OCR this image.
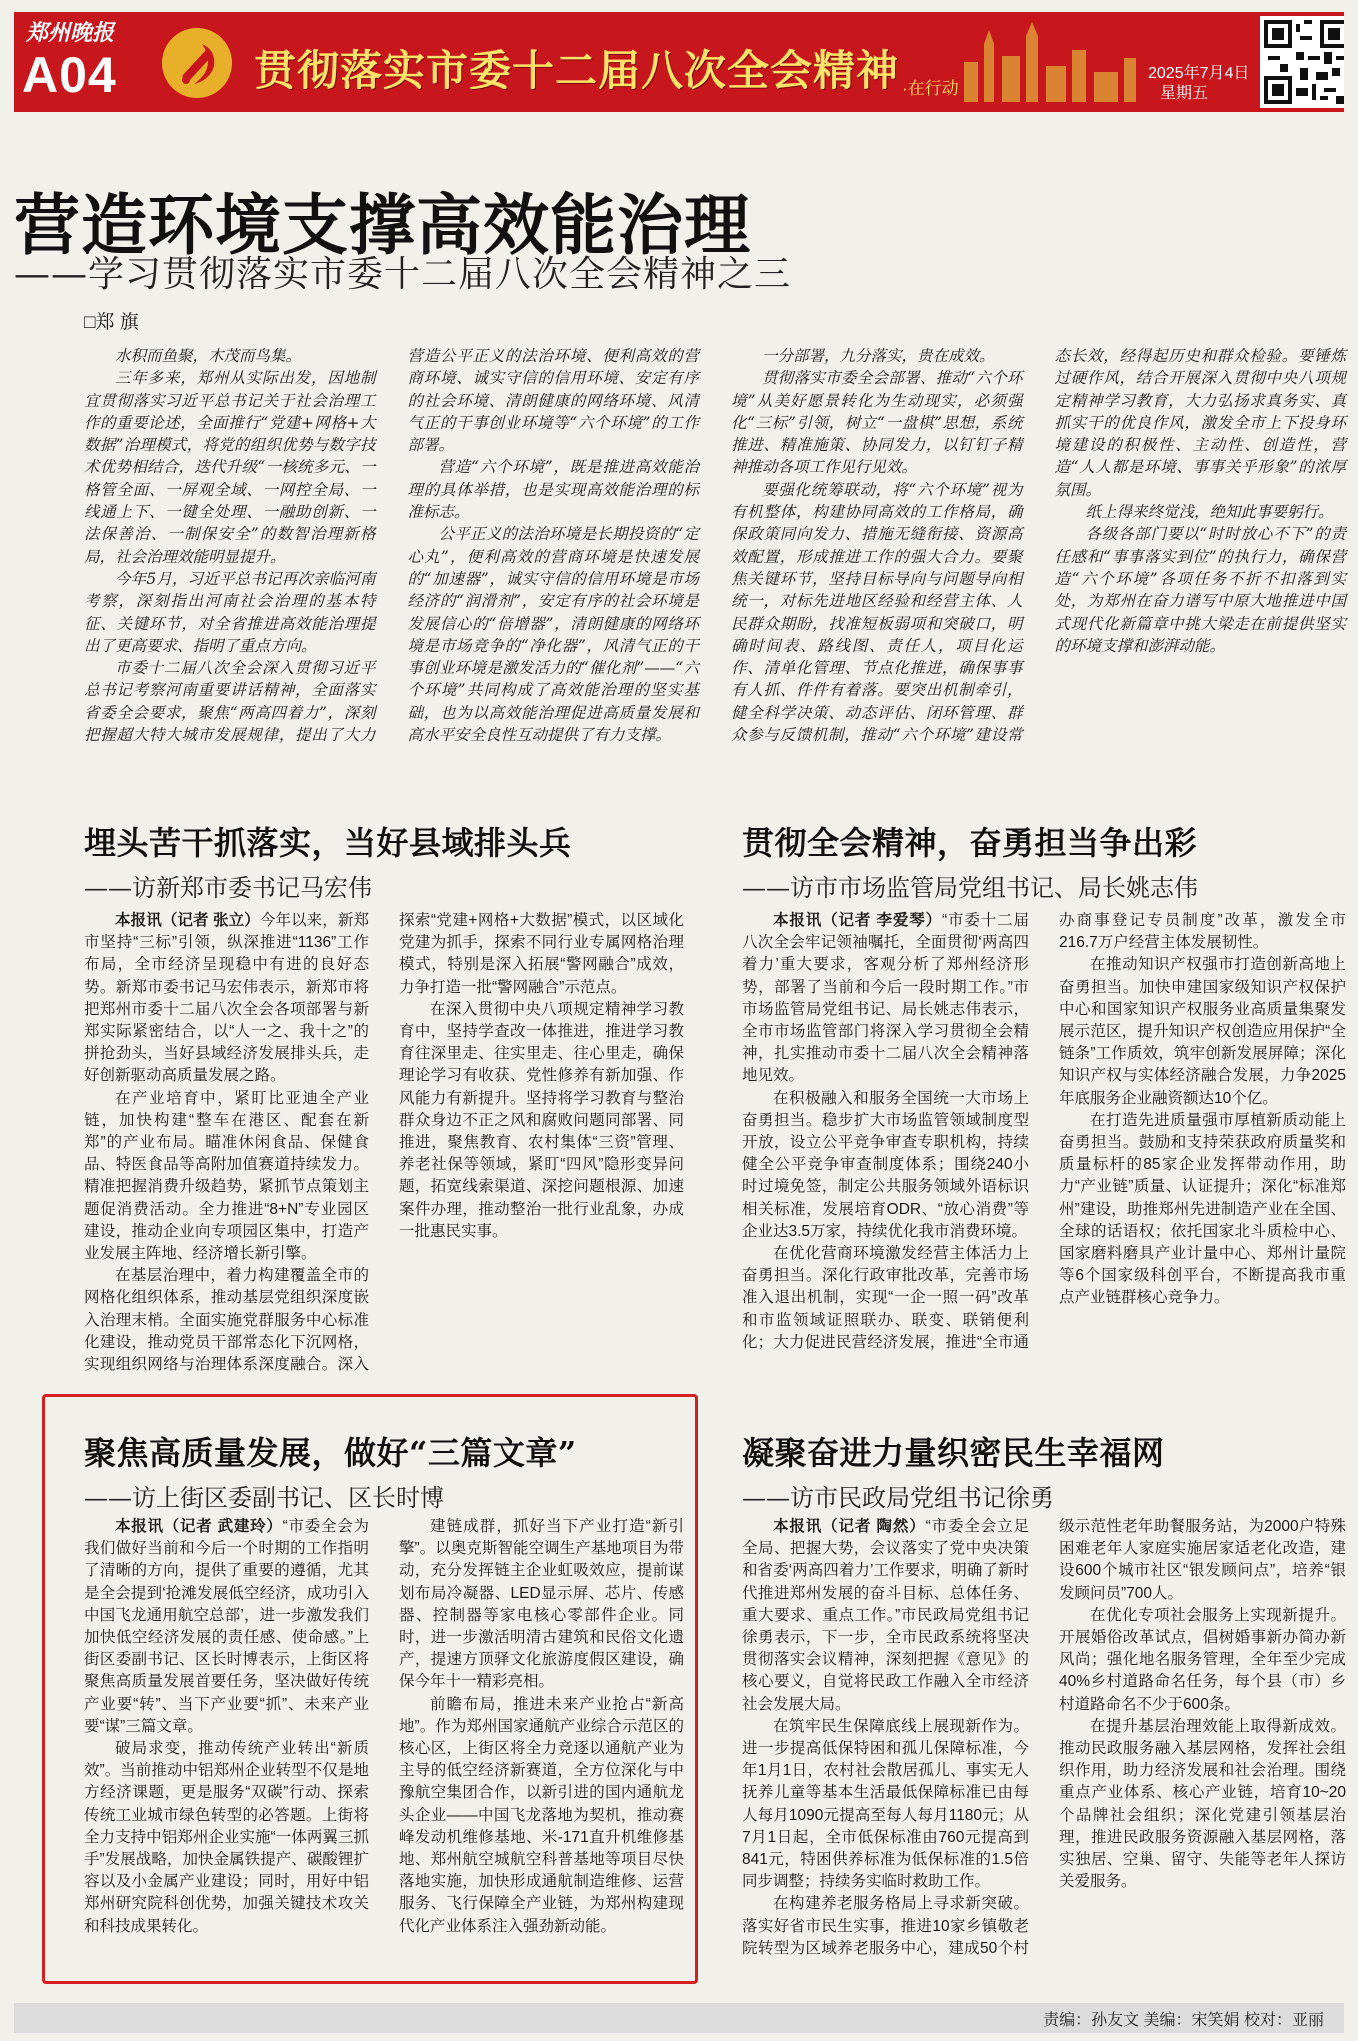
郑州晚报
A04	贯彻落实市委十二届八次全会精神 ·在行动
2025年7月4日
星期五
营造环境支撑高效能治理
——学习贯彻落实市委十二届八次全会精神之三
□郑 旗

水积而鱼聚，木茂而鸟集。

三年多来，郑州从实际出发，因地制宜贯彻落实习近平总书记关于社会治理工作的重要论述，全面推行“党建+网格+大数据”治理模式，将党的组织优势与数字技术优势相结合，迭代升级“一核统多元、一格管全面、一屏观全域、一网控全局、一线通上下、一键全处理、一融助创新、一法保善治、一制保安全”的数智治理新格局，社会治理效能明显提升。

今年5月，习近平总书记再次亲临河南考察，深刻指出河南社会治理的基本特征、关键环节，对全省推进高效能治理提出了更高要求、指明了重点方向。

市委十二届八次全会深入贯彻习近平总书记考察河南重要讲话精神，全面落实省委全会要求，聚焦“两高四着力”，深刻把握超大特大城市发展规律，提出了大力营造公平正义的法治环境、便利高效的营商环境、诚实守信的信用环境、安定有序的社会环境、清朗健康的网络环境、风清气正的干事创业环境等“六个环境”的工作部署。

营造“六个环境”，既是推进高效能治理的具体举措，也是实现高效能治理的标准标志。

公平正义的法治环境是长期投资的“定心丸”，便利高效的营商环境是快速发展的“加速器”，诚实守信的信用环境是市场经济的“润滑剂”，安定有序的社会环境是发展信心的“倍增器”，清朗健康的网络环境是市场竞争的“净化器”，风清气正的干事创业环境是激发活力的“催化剂”——“六个环境”共同构成了高效能治理的坚实基础，也为以高效能治理促进高质量发展和高水平安全良性互动提供了有力支撑。

一分部署，九分落实，贵在成效。

贯彻落实市委全会部署、推动“六个环境”从美好愿景转化为生动现实，必须强化“三标”引领，树立“一盘棋”思想，系统推进、精准施策、协同发力，以钉钉子精神推动各项工作见行见效。

要强化统筹联动，将“六个环境”视为有机整体，构建协同高效的工作格局，确保政策同向发力、措施无缝衔接、资源高效配置，形成推进工作的强大合力。要聚焦关键环节，坚持目标导向与问题导向相统一，对标先进地区经验和经营主体、人民群众期盼，找准短板弱项和突破口，明确时间表、路线图、责任人，项目化运作、清单化管理、节点化推进，确保事事有人抓、件件有着落。要突出机制牵引，健全科学决策、动态评估、闭环管理、群众参与反馈机制，推动“六个环境”建设常态长效，经得起历史和群众检验。要锤炼过硬作风，结合开展深入贯彻中央八项规定精神学习教育，大力弘扬求真务实、真抓实干的优良作风，激发全市上下投身环境建设的积极性、主动性、创造性，营造“人人都是环境、事事关乎形象”的浓厚氛围。

纸上得来终觉浅，绝知此事要躬行。

各级各部门要以“时时放心不下”的责任感和“事事落实到位”的执行力，确保营造“六个环境”各项任务不折不扣落到实处，为郑州在奋力谱写中原大地推进中国式现代化新篇章中挑大梁走在前提供坚实的环境支撑和澎湃动能。

埋头苦干抓落实，当好县域排头兵
——访新郑市委书记马宏伟

本报讯（记者 张立）今年以来，新郑市坚持“三标”引领，纵深推进“1136”工作布局，全市经济呈现稳中有进的良好态势。新郑市委书记马宏伟表示，新郑市将把郑州市委十二届八次全会各项部署与新郑实际紧密结合，以“人一之、我十之”的拼抢劲头，当好县域经济发展排头兵，走好创新驱动高质量发展之路。

在产业培育中，紧盯比亚迪全产业链，加快构建“整车在港区、配套在新郑”的产业布局。瞄准休闲食品、保健食品、特医食品等高附加值赛道持续发力。精准把握消费升级趋势，紧抓节点策划主题促消费活动。全力推进“8+N”专业园区建设，推动企业向专项园区集中，打造产业发展主阵地、经济增长新引擎。

在基层治理中，着力构建覆盖全市的网格化组织体系，推动基层党组织深度嵌入治理末梢。全面实施党群服务中心标准化建设，推动党员干部常态化下沉网格，实现组织网络与治理体系深度融合。深入探索“党建+网格+大数据”模式，以区域化党建为抓手，探索不同行业专属网格治理模式，特别是深入拓展“警网融合”成效，力争打造一批“警网融合”示范点。

在深入贯彻中央八项规定精神学习教育中，坚持学查改一体推进，推进学习教育往深里走、往实里走、往心里走，确保理论学习有收获、党性修养有新加强、作风能力有新提升。坚持将学习教育与整治群众身边不正之风和腐败问题同部署、同推进，聚焦教育、农村集体“三资”管理、养老社保等领域，紧盯“四风”隐形变异问题，拓宽线索渠道、深挖问题根源、加速案件办理，推动整治一批行业乱象，办成一批惠民实事。

贯彻全会精神，奋勇担当争出彩
——访市市场监管局党组书记、局长姚志伟

本报讯（记者 李爱琴）“市委十二届八次全会牢记领袖嘱托，全面贯彻‘两高四着力’重大要求，客观分析了郑州经济形势，部署了当前和今后一段时期工作。”市市场监管局党组书记、局长姚志伟表示，全市市场监管部门将深入学习贯彻全会精神，扎实推动市委十二届八次全会精神落地见效。

在积极融入和服务全国统一大市场上奋勇担当。稳步扩大市场监管领域制度型开放，设立公平竞争审查专职机构，持续健全公平竞争审查制度体系；围绕240小时过境免签，制定公共服务领域外语标识相关标准，发展培育ODR、“放心消费”等企业达3.5万家，持续优化我市消费环境。

在优化营商环境激发经营主体活力上奋勇担当。深化行政审批改革，完善市场准入退出机制，实现“一企一照一码”改革和市监领域证照联办、联变、联销便利化；大力促进民营经济发展，推进“全市通办商事登记专员制度”改革，激发全市216.7万户经营主体发展韧性。

在推动知识产权强市打造创新高地上奋勇担当。加快申建国家级知识产权保护中心和国家知识产权服务业高质量集聚发展示范区，提升知识产权创造应用保护“全链条”工作质效，筑牢创新发展屏障；深化知识产权与实体经济融合发展，力争2025年底服务企业融资额达10个亿。

在打造先进质量强市厚植新质动能上奋勇担当。鼓励和支持荣获政府质量奖和质量标杆的85家企业发挥带动作用，助力“产业链”质量、认证提升；深化“标准郑州”建设，助推郑州先进制造产业在全国、全球的话语权；依托国家北斗质检中心、国家磨料磨具产业计量中心、郑州计量院等6个国家级科创平台，不断提高我市重点产业链群核心竞争力。

聚焦高质量发展，做好“三篇文章”
——访上街区委副书记、区长时博

本报讯（记者 武建玲）“市委全会为我们做好当前和今后一个时期的工作指明了清晰的方向，提供了重要的遵循，尤其是全会提到‘抢滩发展低空经济，成功引入中国飞龙通用航空总部’，进一步激发我们加快低空经济发展的责任感、使命感。”上街区委副书记、区长时博表示，上街区将聚焦高质量发展首要任务，坚决做好传统产业要“转”、当下产业要“抓”、未来产业要“谋”三篇文章。

破局求变，推动传统产业转出“新质效”。当前推动中铝郑州企业转型不仅是地方经济课题，更是服务“双碳”行动、探索传统工业城市绿色转型的必答题。上街将全力支持中铝郑州企业实施“一体两翼三抓手”发展战略，加快金属铁提产、碳酸锂扩容以及小金属产业建设；同时，用好中铝郑州研究院科创优势，加强关键技术攻关和科技成果转化。

建链成群，抓好当下产业打造“新引擎”。以奥克斯智能空调生产基地项目为带动，充分发挥链主企业虹吸效应，提前谋划布局冷凝器、LED显示屏、芯片、传感器、控制器等家电核心零部件企业。同时，进一步激活明清古建筑和民俗文化遗产，提速方顶驿文化旅游度假区建设，确保今年十一精彩亮相。

前瞻布局，推进未来产业抢占“新高地”。作为郑州国家通航产业综合示范区的核心区，上街区将全力竞逐以通航产业为主导的低空经济新赛道，全方位深化与中豫航空集团合作，以新引进的国内通航龙头企业——中国飞龙落地为契机，推动赛峰发动机维修基地、米-171直升机维修基地、郑州航空城航空科普基地等项目尽快落地实施，加快形成通航制造维修、运营服务、飞行保障全产业链，为郑州构建现代化产业体系注入强劲新动能。

凝聚奋进力量织密民生幸福网
——访市民政局党组书记徐勇

本报讯（记者 陶然）“市委全会立足全局、把握大势，会议落实了党中央决策和省委‘两高四着力’工作要求，明确了新时代推进郑州发展的奋斗目标、总体任务、重大要求、重点工作。”市民政局党组书记徐勇表示，下一步，全市民政系统将坚决贯彻落实会议精神，深刻把握《意见》的核心要义，自觉将民政工作融入全市经济社会发展大局。

在筑牢民生保障底线上展现新作为。进一步提高低保特困和孤儿保障标准，今年1月1日，农村社会散居孤儿、事实无人抚养儿童等基本生活最低保障标准已由每人每月1090元提高至每人每月1180元；从7月1日起，全市低保标准由760元提高到841元，特困供养标准为低保标准的1.5倍同步调整；持续务实临时救助工作。

在构建养老服务格局上寻求新突破。落实好省市民生实事，推进10家乡镇敬老院转型为区域养老服务中心，建成50个村级示范性老年助餐服务站，为2000户特殊困难老年人家庭实施居家适老化改造，建设600个城市社区“银发顾问点”，培养“银发顾问员”700人。

在优化专项社会服务上实现新提升。开展婚俗改革试点，倡树婚事新办简办新风尚；强化地名服务管理，全年至少完成40%乡村道路命名任务，每个县（市）乡村道路命名不少于600条。

在提升基层治理效能上取得新成效。推动民政服务融入基层网格，发挥社会组织作用，助力经济发展和社会治理。围绕重点产业体系、核心产业链，培育10~20个品牌社会组织；深化党建引领基层治理，推进民政服务资源融入基层网格，落实独居、空巢、留守、失能等老年人探访关爱服务。

责编：孙友文 美编：宋笑娟 校对：亚丽
